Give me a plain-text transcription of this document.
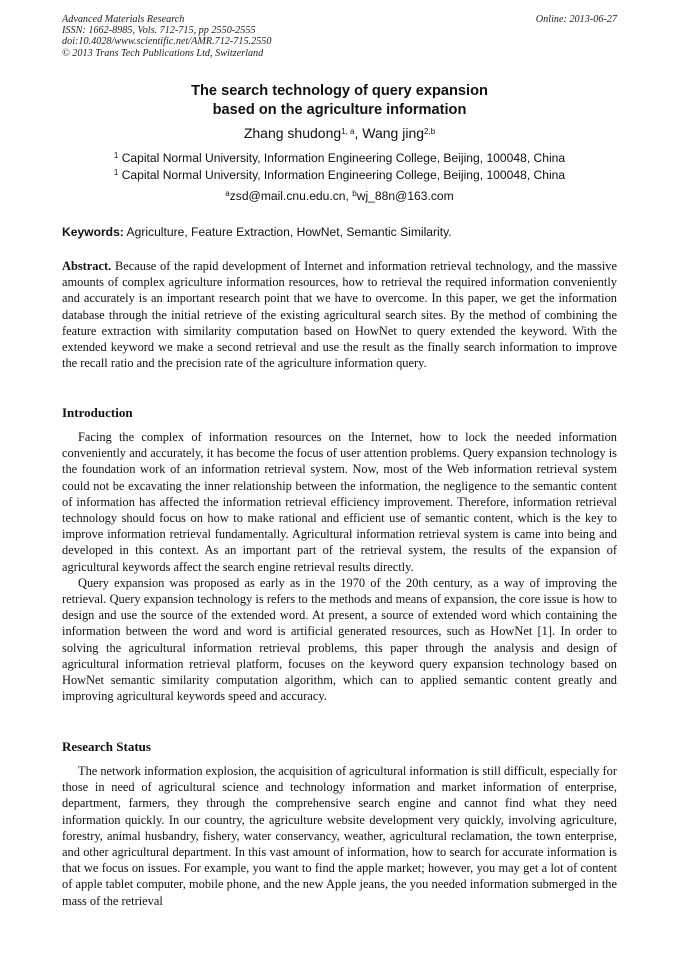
Advanced Materials Research
ISSN: 1662-8985, Vols. 712-715, pp 2550-2555
doi:10.4028/www.scientific.net/AMR.712-715.2550
© 2013 Trans Tech Publications Ltd, Switzerland
Online: 2013-06-27
The search technology of query expansion
based on the agriculture information
Zhang shudong$^{1, a}$, Wang jing$^{2,b}$
$^1$ Capital Normal University, Information Engineering College, Beijing, 100048, China
$^1$ Capital Normal University, Information Engineering College, Beijing, 100048, China
$^a$zsd@mail.cnu.edu.cn, $^b$wj_88n@163.com
Keywords: Agriculture, Feature Extraction, HowNet, Semantic Similarity.
Abstract. Because of the rapid development of Internet and information retrieval technology, and the massive amounts of complex agriculture information resources, how to retrieval the required information conveniently and accurately is an important research point that we have to overcome. In this paper, we get the information database through the initial retrieve of the existing agricultural search sites. By the method of combining the feature extraction with similarity computation based on HowNet to query extended the keyword. With the extended keyword we make a second retrieval and use the result as the finally search information to improve the recall ratio and the precision rate of the agriculture information query.
Introduction

Facing the complex of information resources on the Internet, how to lock the needed information conveniently and accurately, it has become the focus of user attention problems. Query expansion technology is the foundation work of an information retrieval system. Now, most of the Web information retrieval system could not be excavating the inner relationship between the information, the negligence to the semantic content of information has affected the information retrieval efficiency improvement. Therefore, information retrieval technology should focus on how to make rational and efficient use of semantic content, which is the key to improve information retrieval fundamentally. Agricultural information retrieval system is came into being and developed in this context. As an important part of the retrieval system, the results of the expansion of agricultural keywords affect the search engine retrieval results directly.

Query expansion was proposed as early as in the 1970 of the 20th century, as a way of improving the retrieval. Query expansion technology is refers to the methods and means of expansion, the core issue is how to design and use the source of the extended word. At present, a source of extended word which containing the information between the word and word is artificial generated resources, such as HowNet [1]. In order to solving the agricultural information retrieval problems, this paper through the analysis and design of agricultural information retrieval platform, focuses on the keyword query expansion technology based on HowNet semantic similarity computation algorithm, which can to applied semantic content greatly and improving agricultural keywords speed and accuracy.

Research Status

The network information explosion, the acquisition of agricultural information is still difficult, especially for those in need of agricultural science and technology information and market information of enterprise, department, farmers, they through the comprehensive search engine and cannot find what they need information quickly. In our country, the agriculture website development very quickly, involving agriculture, forestry, animal husbandry, fishery, water conservancy, weather, agricultural reclamation, the town enterprise, and other agricultural department. In this vast amount of information, how to search for accurate information is that we focus on issues. For example, you want to find the apple market; however, you may get a lot of content of apple tablet computer, mobile phone, and the new Apple jeans, the you needed information submerged in the mass of the retrieval
